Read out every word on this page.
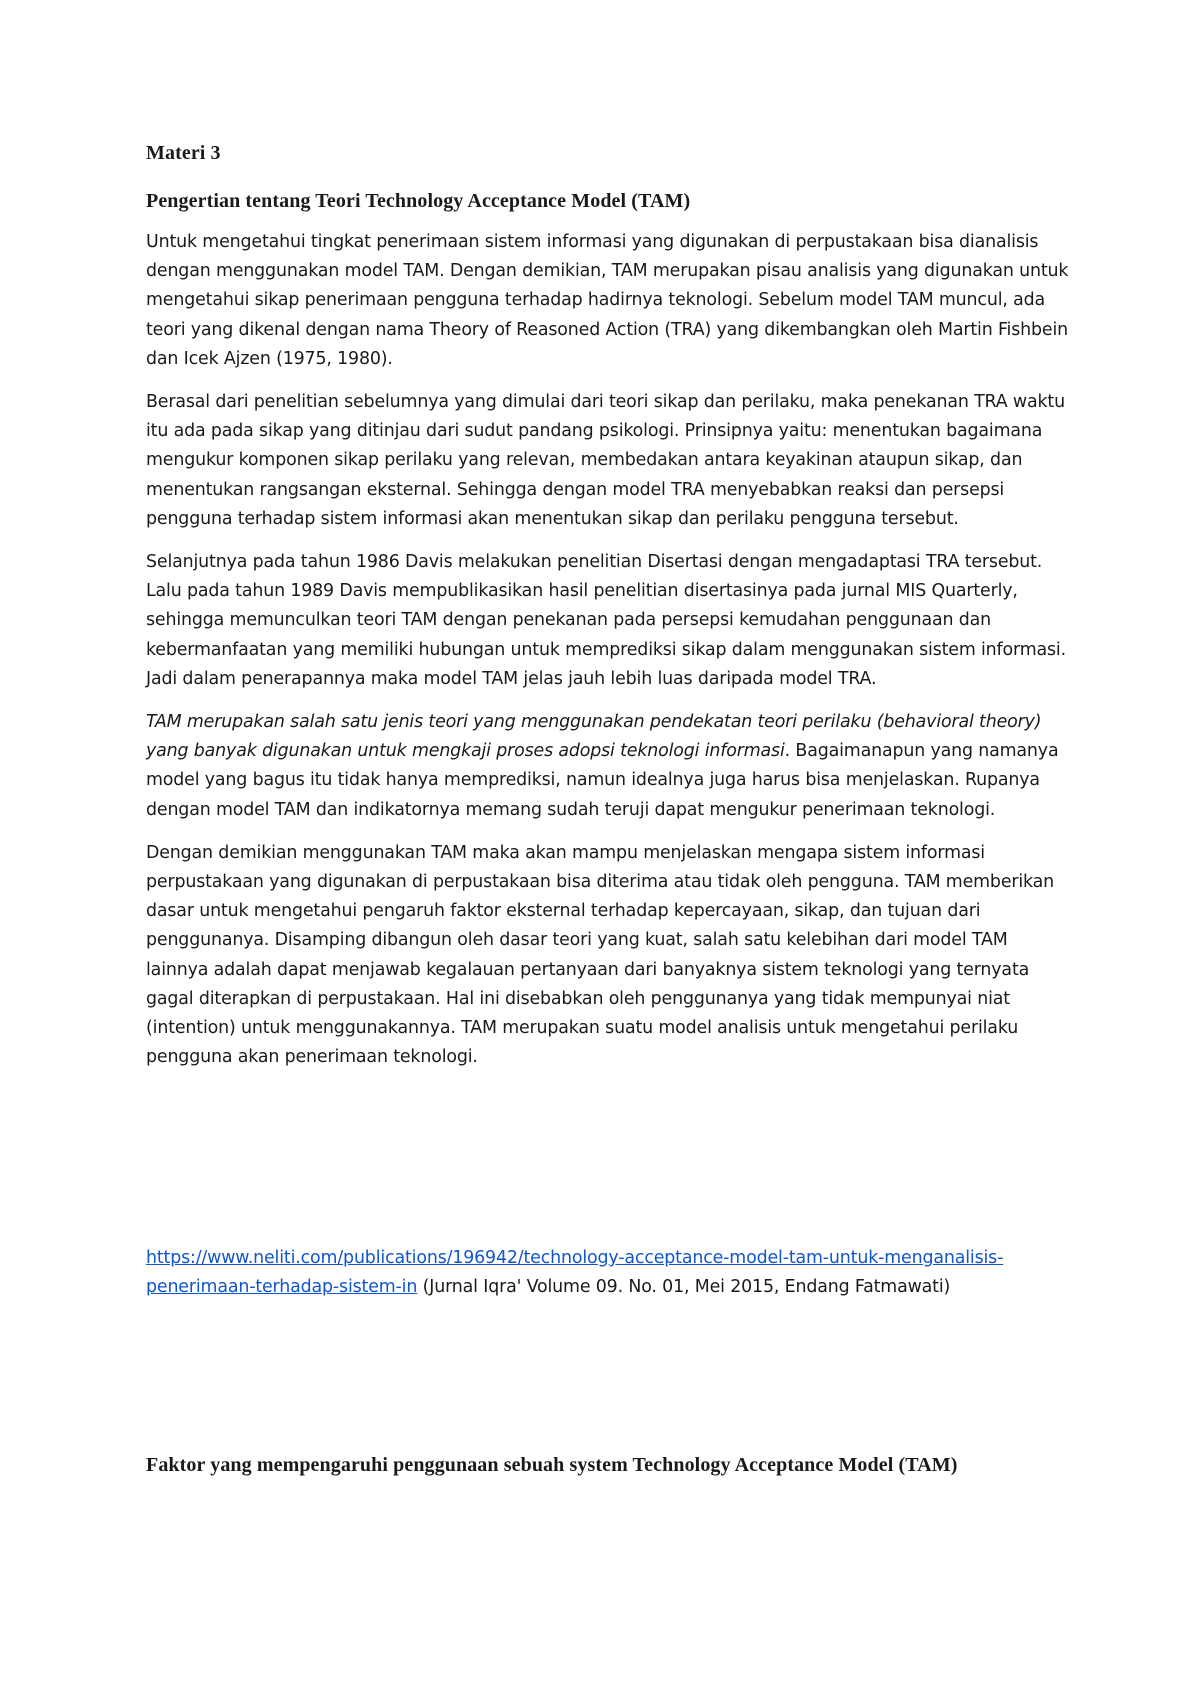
Materi 3
Pengertian tentang Teori Technology Acceptance Model (TAM)

Untuk mengetahui tingkat penerimaan sistem informasi yang digunakan di perpustakaan bisa dianalisis dengan menggunakan model TAM. Dengan demikian, TAM merupakan pisau analisis yang digunakan untuk mengetahui sikap penerimaan pengguna terhadap hadirnya teknologi. Sebelum model TAM muncul, ada teori yang dikenal dengan nama Theory of Reasoned Action (TRA) yang dikembangkan oleh Martin Fishbein dan Icek Ajzen (1975, 1980).

Berasal dari penelitian sebelumnya yang dimulai dari teori sikap dan perilaku, maka penekanan TRA waktu itu ada pada sikap yang ditinjau dari sudut pandang psikologi. Prinsipnya yaitu: menentukan bagaimana mengukur komponen sikap perilaku yang relevan, membedakan antara keyakinan ataupun sikap, dan menentukan rangsangan eksternal. Sehingga dengan model TRA menyebabkan reaksi dan persepsi pengguna terhadap sistem informasi akan menentukan sikap dan perilaku pengguna tersebut.

Selanjutnya pada tahun 1986 Davis melakukan penelitian Disertasi dengan mengadaptasi TRA tersebut. Lalu pada tahun 1989 Davis mempublikasikan hasil penelitian disertasinya pada jurnal MIS Quarterly, sehingga memunculkan teori TAM dengan penekanan pada persepsi kemudahan penggunaan dan kebermanfaatan yang memiliki hubungan untuk memprediksi sikap dalam menggunakan sistem informasi. Jadi dalam penerapannya maka model TAM jelas jauh lebih luas daripada model TRA.

TAM merupakan salah satu jenis teori yang menggunakan pendekatan teori perilaku (behavioral theory) yang banyak digunakan untuk mengkaji proses adopsi teknologi informasi. Bagaimanapun yang namanya model yang bagus itu tidak hanya memprediksi, namun idealnya juga harus bisa menjelaskan. Rupanya dengan model TAM dan indikatornya memang sudah teruji dapat mengukur penerimaan teknologi.

Dengan demikian menggunakan TAM maka akan mampu menjelaskan mengapa sistem informasi perpustakaan yang digunakan di perpustakaan bisa diterima atau tidak oleh pengguna. TAM memberikan dasar untuk mengetahui pengaruh faktor eksternal terhadap kepercayaan, sikap, dan tujuan dari penggunanya. Disamping dibangun oleh dasar teori yang kuat, salah satu kelebihan dari model TAM lainnya adalah dapat menjawab kegalauan pertanyaan dari banyaknya sistem teknologi yang ternyata gagal diterapkan di perpustakaan. Hal ini disebabkan oleh penggunanya yang tidak mempunyai niat (intention) untuk menggunakannya. TAM merupakan suatu model analisis untuk mengetahui perilaku pengguna akan penerimaan teknologi.

https://www.neliti.com/publications/196942/technology-acceptance-model-tam-untuk-menganalisis-penerimaan-terhadap-sistem-in (Jurnal Iqra' Volume 09. No. 01, Mei 2015, Endang Fatmawati)

Faktor yang mempengaruhi penggunaan sebuah system Technology Acceptance Model (TAM)
